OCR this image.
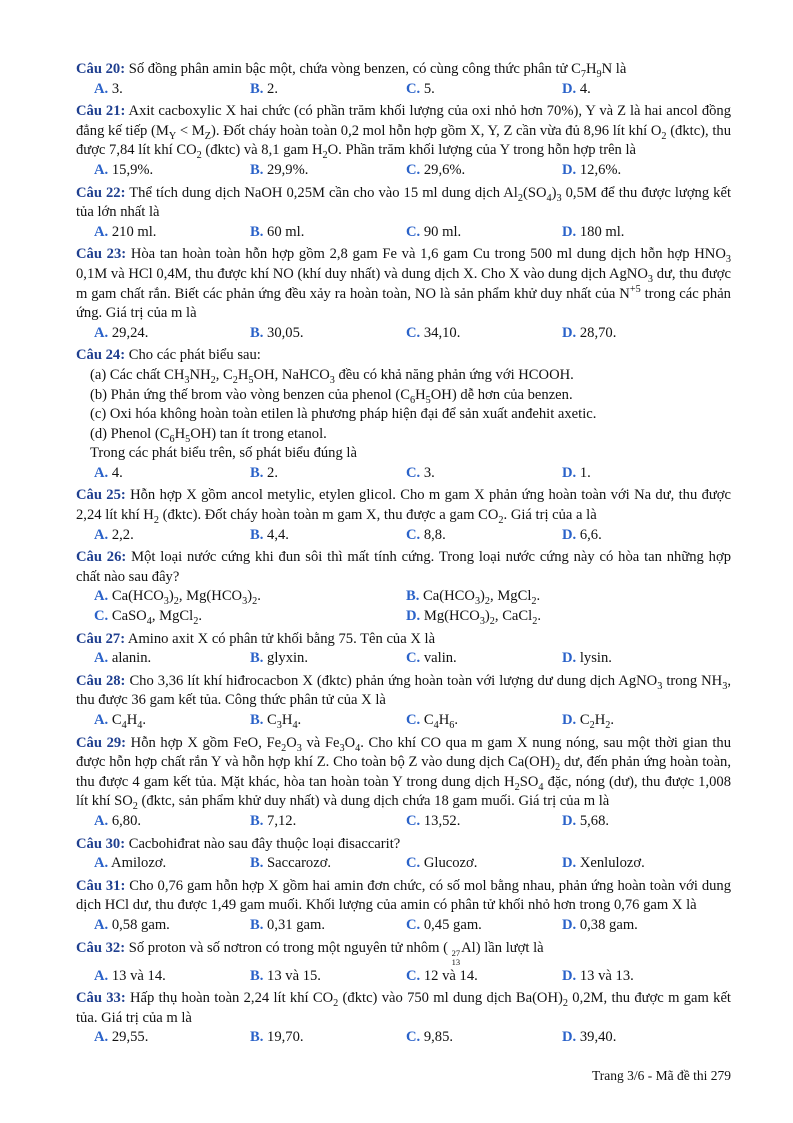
Câu 20: Số đồng phân amin bậc một, chứa vòng benzen, có cùng công thức phân tử $C_7H_9N$ là
A. 3.	B. 2.	C. 5.	D. 4.
Câu 21: Axit cacboxylic X hai chức (có phần trăm khối lượng của oxi nhỏ hơn 70%), Y và Z là hai ancol đồng đẳng kế tiếp $(M_Y < M_Z)$. Đốt cháy hoàn toàn 0,2 mol hỗn hợp gồm X, Y, Z cần vừa đủ 8,96 lít khí $O_2$ (đktc), thu được 7,84 lít khí $CO_2$ (đktc) và 8,1 gam $H_2O$. Phần trăm khối lượng của Y trong hỗn hợp trên là
A. 15,9%.	B. 29,9%.	C. 29,6%.	D. 12,6%.
Câu 22: Thể tích dung dịch NaOH 0,25M cần cho vào 15 ml dung dịch $Al_2(SO_4)_3$ 0,5M để thu được lượng kết tủa lớn nhất là
A. 210 ml.	B. 60 ml.	C. 90 ml.	D. 180 ml.
Câu 23: Hòa tan hoàn toàn hỗn hợp gồm 2,8 gam Fe và 1,6 gam Cu trong 500 ml dung dịch hỗn hợp $HNO_3$ 0,1M và HCl 0,4M, thu được khí NO (khí duy nhất) và dung dịch X. Cho X vào dung dịch AgNO$_3$ dư, thu được m gam chất rắn. Biết các phản ứng đều xảy ra hoàn toàn, NO là sản phẩm khử duy nhất của $N^{+5}$ trong các phản ứng. Giá trị của m là
A. 29,24.	B. 30,05.	C. 34,10.	D. 28,70.
Câu 24: Cho các phát biểu sau:
(a) Các chất $CH_3NH_2$, $C_2H_5OH$, NaHCO$_3$ đều có khả năng phản ứng với HCOOH.
(b) Phản ứng thế brom vào vòng benzen của phenol $(C_6H_5OH)$ dễ hơn của benzen.
(c) Oxi hóa không hoàn toàn etilen là phương pháp hiện đại để sản xuất anđehit axetic.
(d) Phenol $(C_6H_5OH)$ tan ít trong etanol.
Trong các phát biểu trên, số phát biểu đúng là
A. 4.	B. 2.	C. 3.	D. 1.
Câu 25: Hỗn hợp X gồm ancol metylic, etylen glicol. Cho m gam X phản ứng hoàn toàn với Na dư, thu được 2,24 lít khí $H_2$ (đktc). Đốt cháy hoàn toàn m gam X, thu được a gam $CO_2$. Giá trị của a là
A. 2,2.	B. 4,4.	C. 8,8.	D. 6,6.
Câu 26: Một loại nước cứng khi đun sôi thì mất tính cứng. Trong loại nước cứng này có hòa tan những hợp chất nào sau đây?
A. $Ca(HCO_3)_2$, $Mg(HCO_3)_2$.	B. $Ca(HCO_3)_2$, MgCl$_2$.
C. CaSO$_4$, MgCl$_2$.	D. $Mg(HCO_3)_2$, CaCl$_2$.
Câu 27: Amino axit X có phân tử khối bằng 75. Tên của X là
A. alanin.	B. glyxin.	C. valin.	D. lysin.
Câu 28: Cho 3,36 lít khí hiđrocacbon X (đktc) phản ứng hoàn toàn với lượng dư dung dịch AgNO$_3$ trong $NH_3$, thu được 36 gam kết tủa. Công thức phân tử của X là
A. $C_4H_4$.	B. $C_3H_4$.	C. $C_4H_6$.	D. $C_2H_2$.
Câu 29: Hỗn hợp X gồm FeO, $Fe_2O_3$ và $Fe_3O_4$. Cho khí CO qua m gam X nung nóng, sau một thời gian thu được hỗn hợp chất rắn Y và hỗn hợp khí Z. Cho toàn bộ Z vào dung dịch $Ca(OH)_2$ dư, đến phản ứng hoàn toàn, thu được 4 gam kết tủa. Mặt khác, hòa tan hoàn toàn Y trong dung dịch $H_2SO_4$ đặc, nóng (dư), thu được 1,008 lít khí $SO_2$ (đktc, sản phẩm khử duy nhất) và dung dịch chứa 18 gam muối. Giá trị của m là
A. 6,80.	B. 7,12.	C. 13,52.	D. 5,68.
Câu 30: Cacbohiđrat nào sau đây thuộc loại đisaccarit?
A. Amilozơ.	B. Saccarozơ.	C. Glucozơ.	D. Xenlulozơ.
Câu 31: Cho 0,76 gam hỗn hợp X gồm hai amin đơn chức, có số mol bằng nhau, phản ứng hoàn toàn với dung dịch HCl dư, thu được 1,49 gam muối. Khối lượng của amin có phân tử khối nhỏ hơn trong 0,76 gam X là
A. 0,58 gam.	B. 0,31 gam.	C. 0,45 gam.	D. 0,38 gam.
Câu 32: Số proton và số nơtron có trong một nguyên tử nhôm ( 27
13
Al) lần lượt là
A. 13 và 14.	B. 13 và 15.	C. 12 và 14.	D. 13 và 13.
Câu 33: Hấp thụ hoàn toàn 2,24 lít khí $CO_2$ (đktc) vào 750 ml dung dịch $Ba(OH)_2$ 0,2M, thu được m gam kết tủa. Giá trị của m là
A. 29,55.	B. 19,70.	C. 9,85.	D. 39,40.
Trang 3/6 - Mã đề thi 279
